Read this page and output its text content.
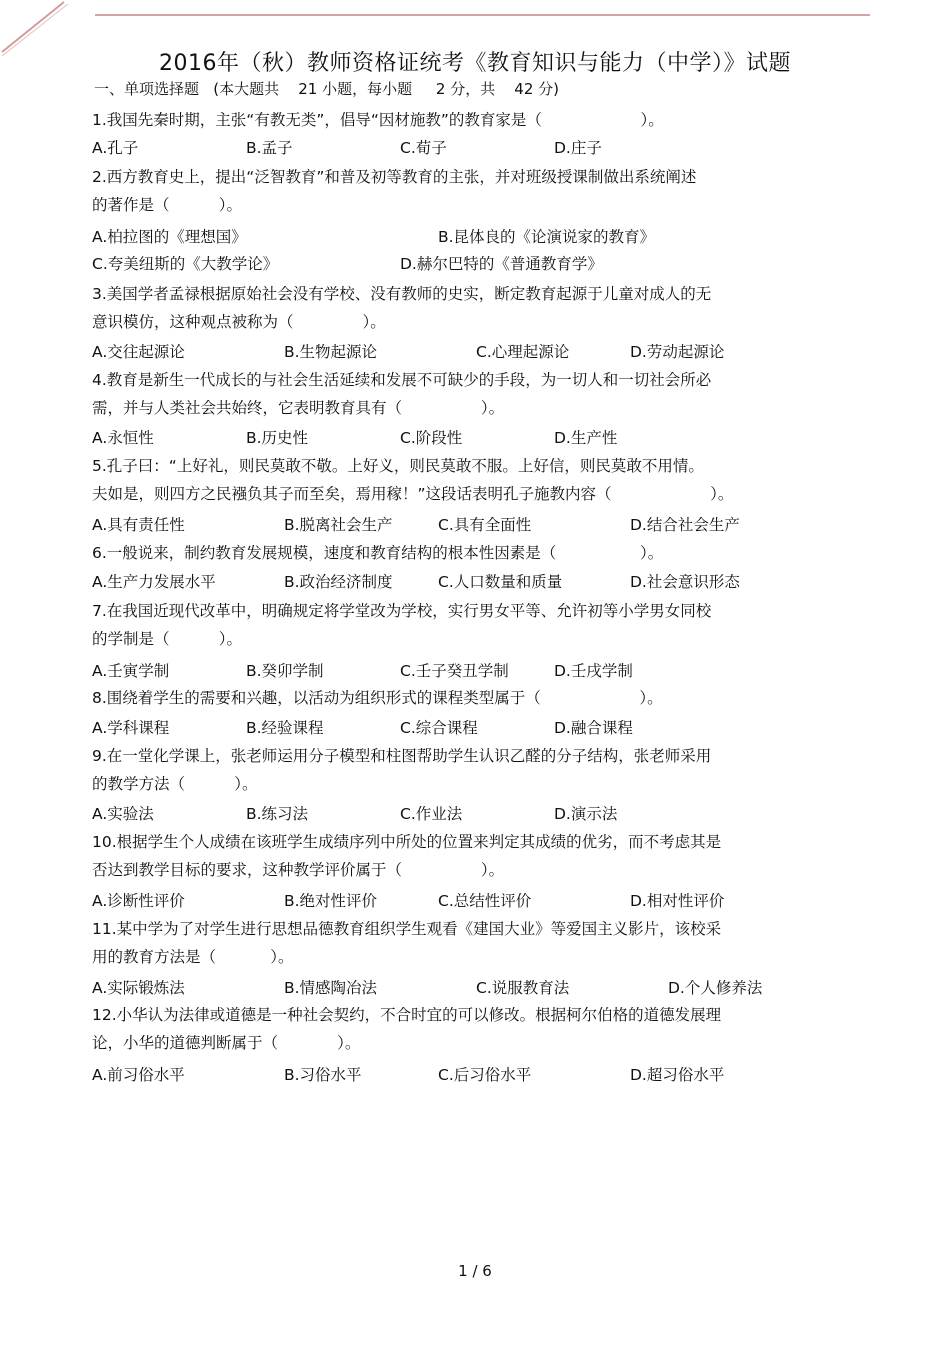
2016年（秋）教师资格证统考《教育知识与能力（中学）》试题
一、单项选择题   (本大题共    21 小题，每小题     2 分，共    42 分)
1.我国先秦时期，主张“有教无类”，倡导“因材施教”的教育家是（                    ）。
A.孔子	B.孟子	C.荀子	D.庄子
2.西方教育史上，提出“泛智教育”和普及初等教育的主张，并对班级授课制做出系统阐述
的著作是（          ）。
A.柏拉图的《理想国》	B.昆体良的《论演说家的教育》
C.夸美纽斯的《大教学论》	D.赫尔巴特的《普通教育学》
3.美国学者孟禄根据原始社会没有学校、没有教师的史实，断定教育起源于儿童对成人的无
意识模仿，这种观点被称为（              ）。
A.交往起源论	B.生物起源论	C.心理起源论	D.劳动起源论
4.教育是新生一代成长的与社会生活延续和发展不可缺少的手段，为一切人和一切社会所必
需，并与人类社会共始终，它表明教育具有（                ）。
A.永恒性	B.历史性	C.阶段性	D.生产性
5.孔子曰：“上好礼，则民莫敢不敬。上好义，则民莫敢不服。上好信，则民莫敢不用情。
夫如是，则四方之民襁负其子而至矣，焉用稼！”这段话表明孔子施教内容（                    ）。
A.具有责任性	B.脱离社会生产	C.具有全面性	D.结合社会生产
6.一般说来，制约教育发展规模，速度和教育结构的根本性因素是（                 ）。
A.生产力发展水平	B.政治经济制度	C.人口数量和质量	D.社会意识形态
7.在我国近现代改革中，明确规定将学堂改为学校，实行男女平等、允许初等小学男女同校
的学制是（          ）。
A.壬寅学制	B.癸卯学制	C.壬子癸丑学制	D.壬戌学制
8.围绕着学生的需要和兴趣，以活动为组织形式的课程类型属于（                    ）。
A.学科课程	B.经验课程	C.综合课程	D.融合课程
9.在一堂化学课上，张老师运用分子模型和柱图帮助学生认识乙醛的分子结构，张老师采用
的教学方法（          ）。
A.实验法	B.练习法	C.作业法	D.演示法
10.根据学生个人成绩在该班学生成绩序列中所处的位置来判定其成绩的优劣，而不考虑其是
否达到教学目标的要求，这种教学评价属于（                ）。
A.诊断性评价	B.绝对性评价	C.总结性评价	D.相对性评价
11.某中学为了对学生进行思想品德教育组织学生观看《建国大业》等爱国主义影片，该校采
用的教育方法是（           ）。
A.实际锻炼法	B.情感陶冶法	C.说服教育法	D.个人修养法
12.小华认为法律或道德是一种社会契约，不合时宜的可以修改。根据柯尔伯格的道德发展理
论，小华的道德判断属于（            ）。
A.前习俗水平	B.习俗水平	C.后习俗水平	D.超习俗水平
1 / 6
